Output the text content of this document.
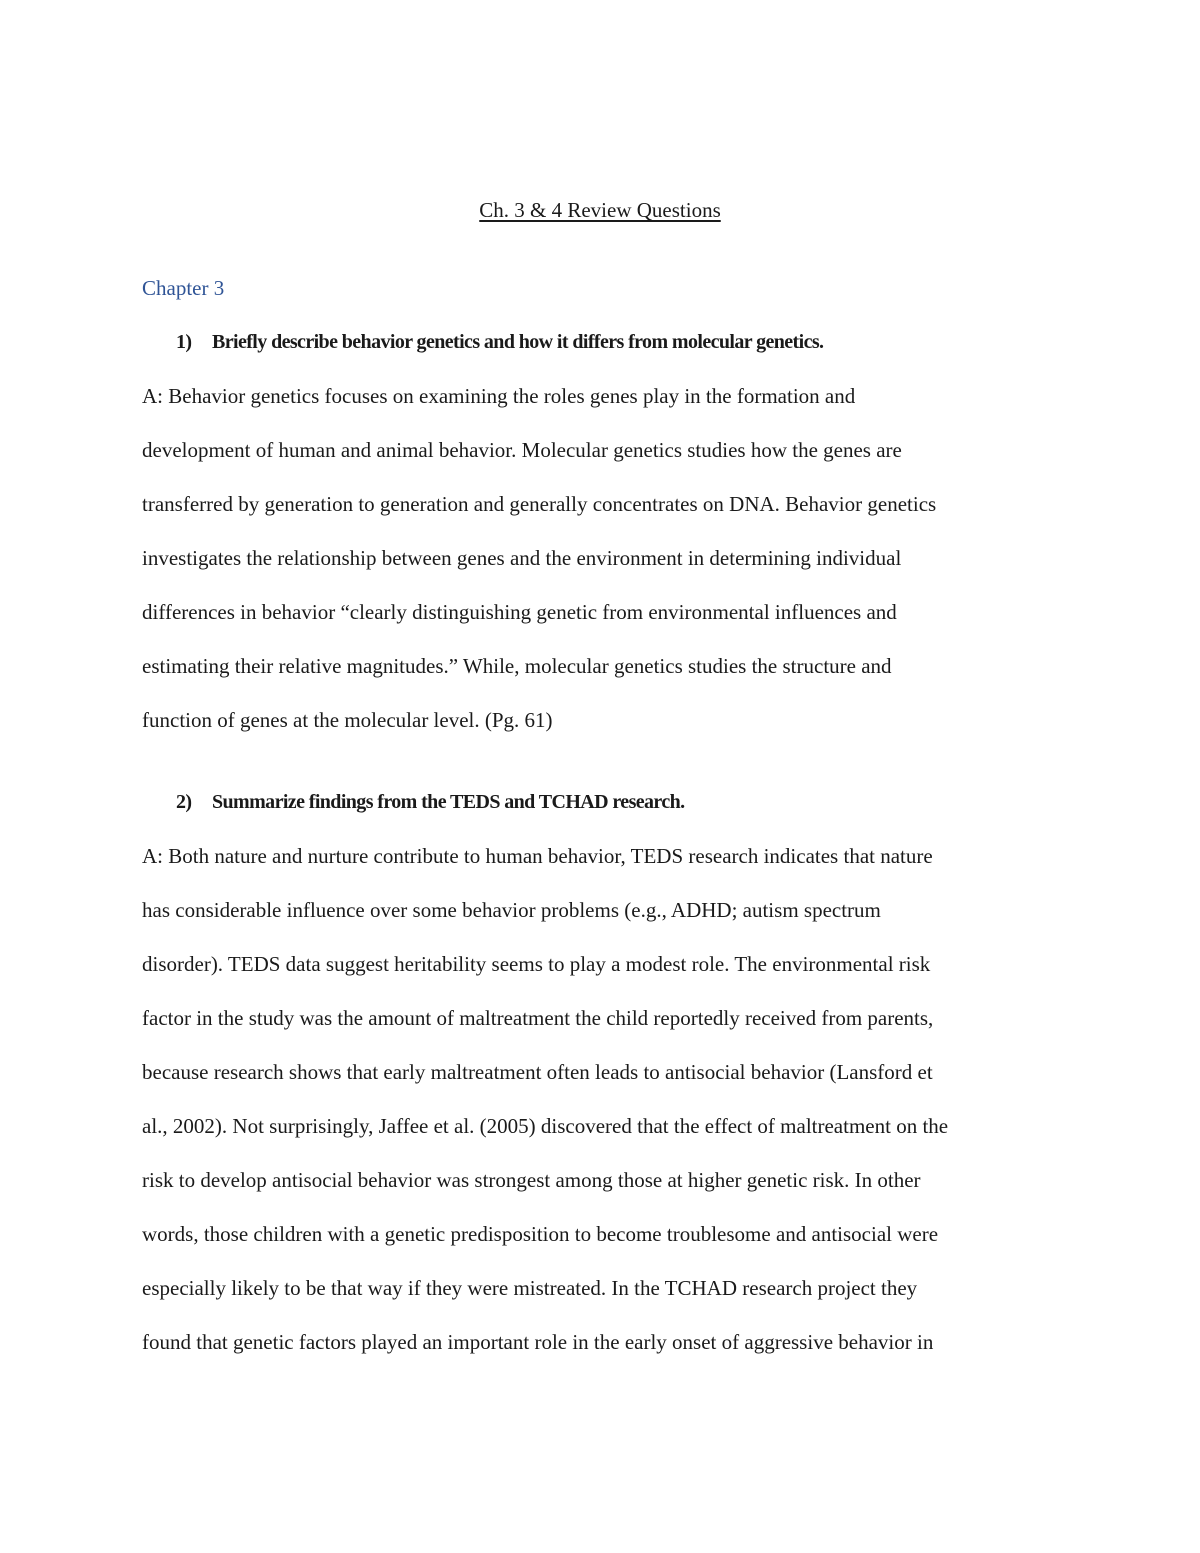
Ch. 3 & 4 Review Questions
Chapter 3
1) Briefly describe behavior genetics and how it differs from molecular genetics.
A: Behavior genetics focuses on examining the roles genes play in the formation and
development of human and animal behavior. Molecular genetics studies how the genes are
transferred by generation to generation and generally concentrates on DNA. Behavior genetics
investigates the relationship between genes and the environment in determining individual
differences in behavior “clearly distinguishing genetic from environmental influences and
estimating their relative magnitudes.” While, molecular genetics studies the structure and
function of genes at the molecular level. (Pg. 61)
2) Summarize findings from the TEDS and TCHAD research.
A: Both nature and nurture contribute to human behavior, TEDS research indicates that nature
has considerable influence over some behavior problems (e.g., ADHD; autism spectrum
disorder). TEDS data suggest heritability seems to play a modest role. The environmental risk
factor in the study was the amount of maltreatment the child reportedly received from parents,
because research shows that early maltreatment often leads to antisocial behavior (Lansford et
al., 2002). Not surprisingly, Jaffee et al. (2005) discovered that the effect of maltreatment on the
risk to develop antisocial behavior was strongest among those at higher genetic risk. In other
words, those children with a genetic predisposition to become troublesome and antisocial were
especially likely to be that way if they were mistreated. In the TCHAD research project they
found that genetic factors played an important role in the early onset of aggressive behavior in
